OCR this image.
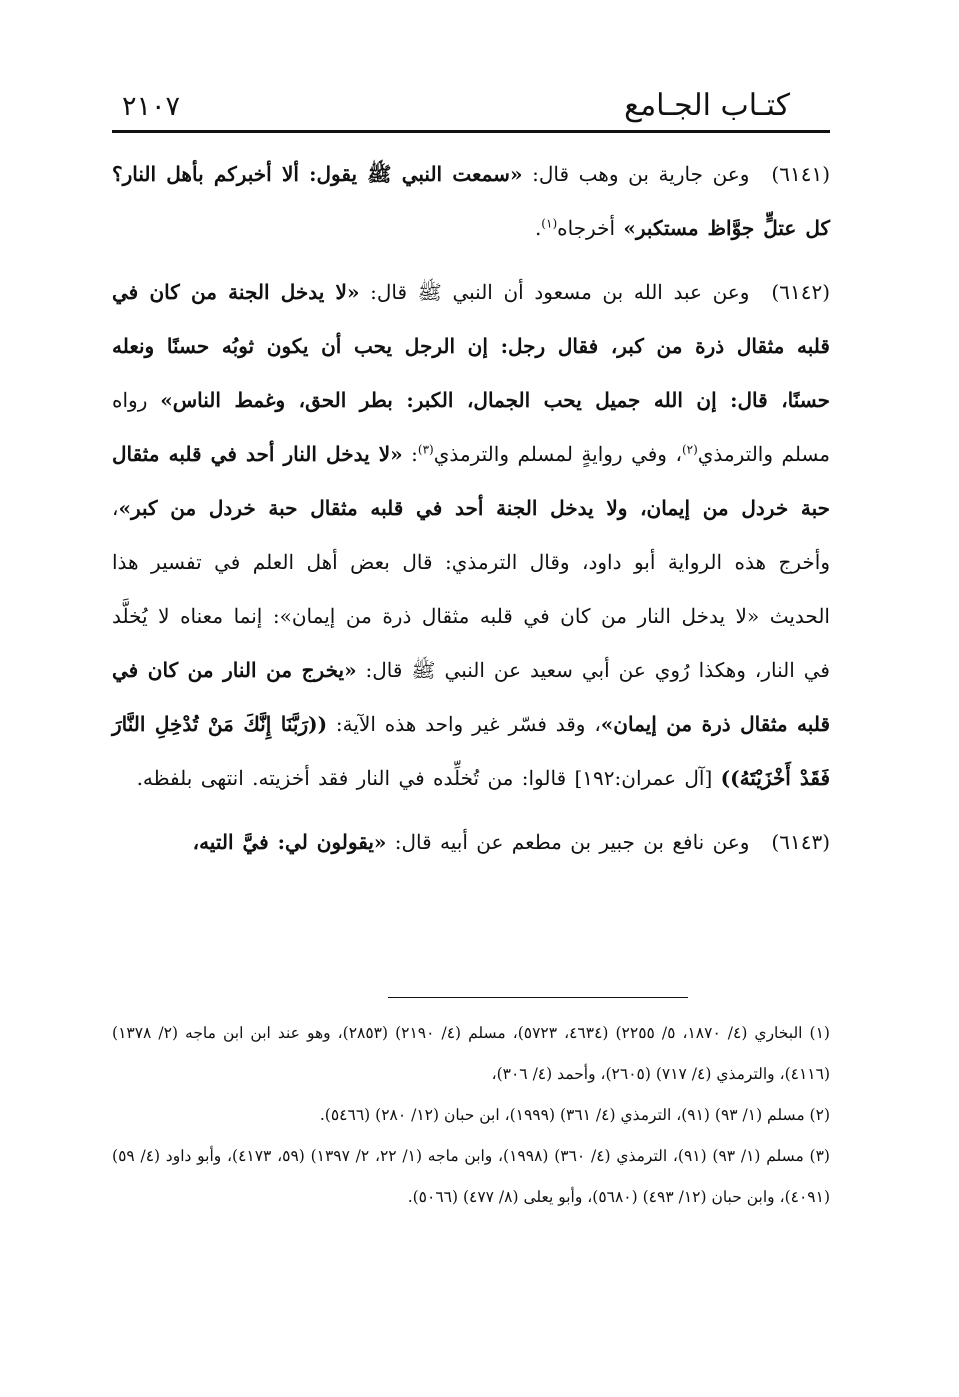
كتـاب الجـامع
٢١٠٧

(٦١٤١)وعن جارية بن وهب قال: «سمعت النبي ﷺ يقول: ألا أخبركم بأهل النار؟ كل عتلٍّ جوَّاظ مستكبر» أخرجاه$^{(١)}$.

(٦١٤٢)وعن عبد الله بن مسعود أن النبي ﷺ قال: «لا يدخل الجنة من كان في قلبه مثقال ذرة من كبر، فقال رجل: إن الرجل يحب أن يكون ثوبُه حسنًا ونعله حسنًا، قال: إن الله جميل يحب الجمال، الكبر: بطر الحق، وغمط الناس» رواه مسلم والترمذي$^{(٢)}$، وفي روايةٍ لمسلم والترمذي$^{(٣)}$: «لا يدخل النار أحد في قلبه مثقال حبة خردل من إيمان، ولا يدخل الجنة أحد في قلبه مثقال حبة خردل من كبر»، وأخرج هذه الرواية أبو داود، وقال الترمذي: قال بعض أهل العلم في تفسير هذا الحديث «لا يدخل النار من كان في قلبه مثقال ذرة من إيمان»: إنما معناه لا يُخلَّد في النار، وهكذا رُوي عن أبي سعيد عن النبي ﷺ قال: «يخرج من النار من كان في قلبه مثقال ذرة من إيمان»، وقد فسّر غير واحد هذه الآية: ((رَبَّنَا إِنَّكَ مَنْ تُدْخِلِ النَّارَ فَقَدْ أَخْزَيْتَهُ)) [آل عمران:١٩٢] قالوا: من تُخلِّده في النار فقد أخزيته. انتهى بلفظه.

(٦١٤٣)وعن نافع بن جبير بن مطعم عن أبيه قال: «يقولون لي: فيَّ التيه،

(١) البخاري (٤/ ١٨٧٠، ٥/ ٢٢٥٥) (٤٦٣٤، ٥٧٢٣)، مسلم (٤/ ٢١٩٠) (٢٨٥٣)، وهو عند ابن ابن ماجه (٢/ ١٣٧٨) (٤١١٦)، والترمذي (٤/ ٧١٧) (٢٦٠٥)، وأحمد (٤/ ٣٠٦)،

(٢) مسلم (١/ ٩٣) (٩١)، الترمذي (٤/ ٣٦١) (١٩٩٩)، ابن حبان (١٢/ ٢٨٠) (٥٤٦٦).

(٣) مسلم (١/ ٩٣) (٩١)، الترمذي (٤/ ٣٦٠) (١٩٩٨)، وابن ماجه (١/ ٢٢، ٢/ ١٣٩٧) (٥٩، ٤١٧٣)، وأبو داود (٤/ ٥٩) (٤٠٩١)، وابن حبان (١٢/ ٤٩٣) (٥٦٨٠)، وأبو يعلى (٨/ ٤٧٧) (٥٠٦٦).
